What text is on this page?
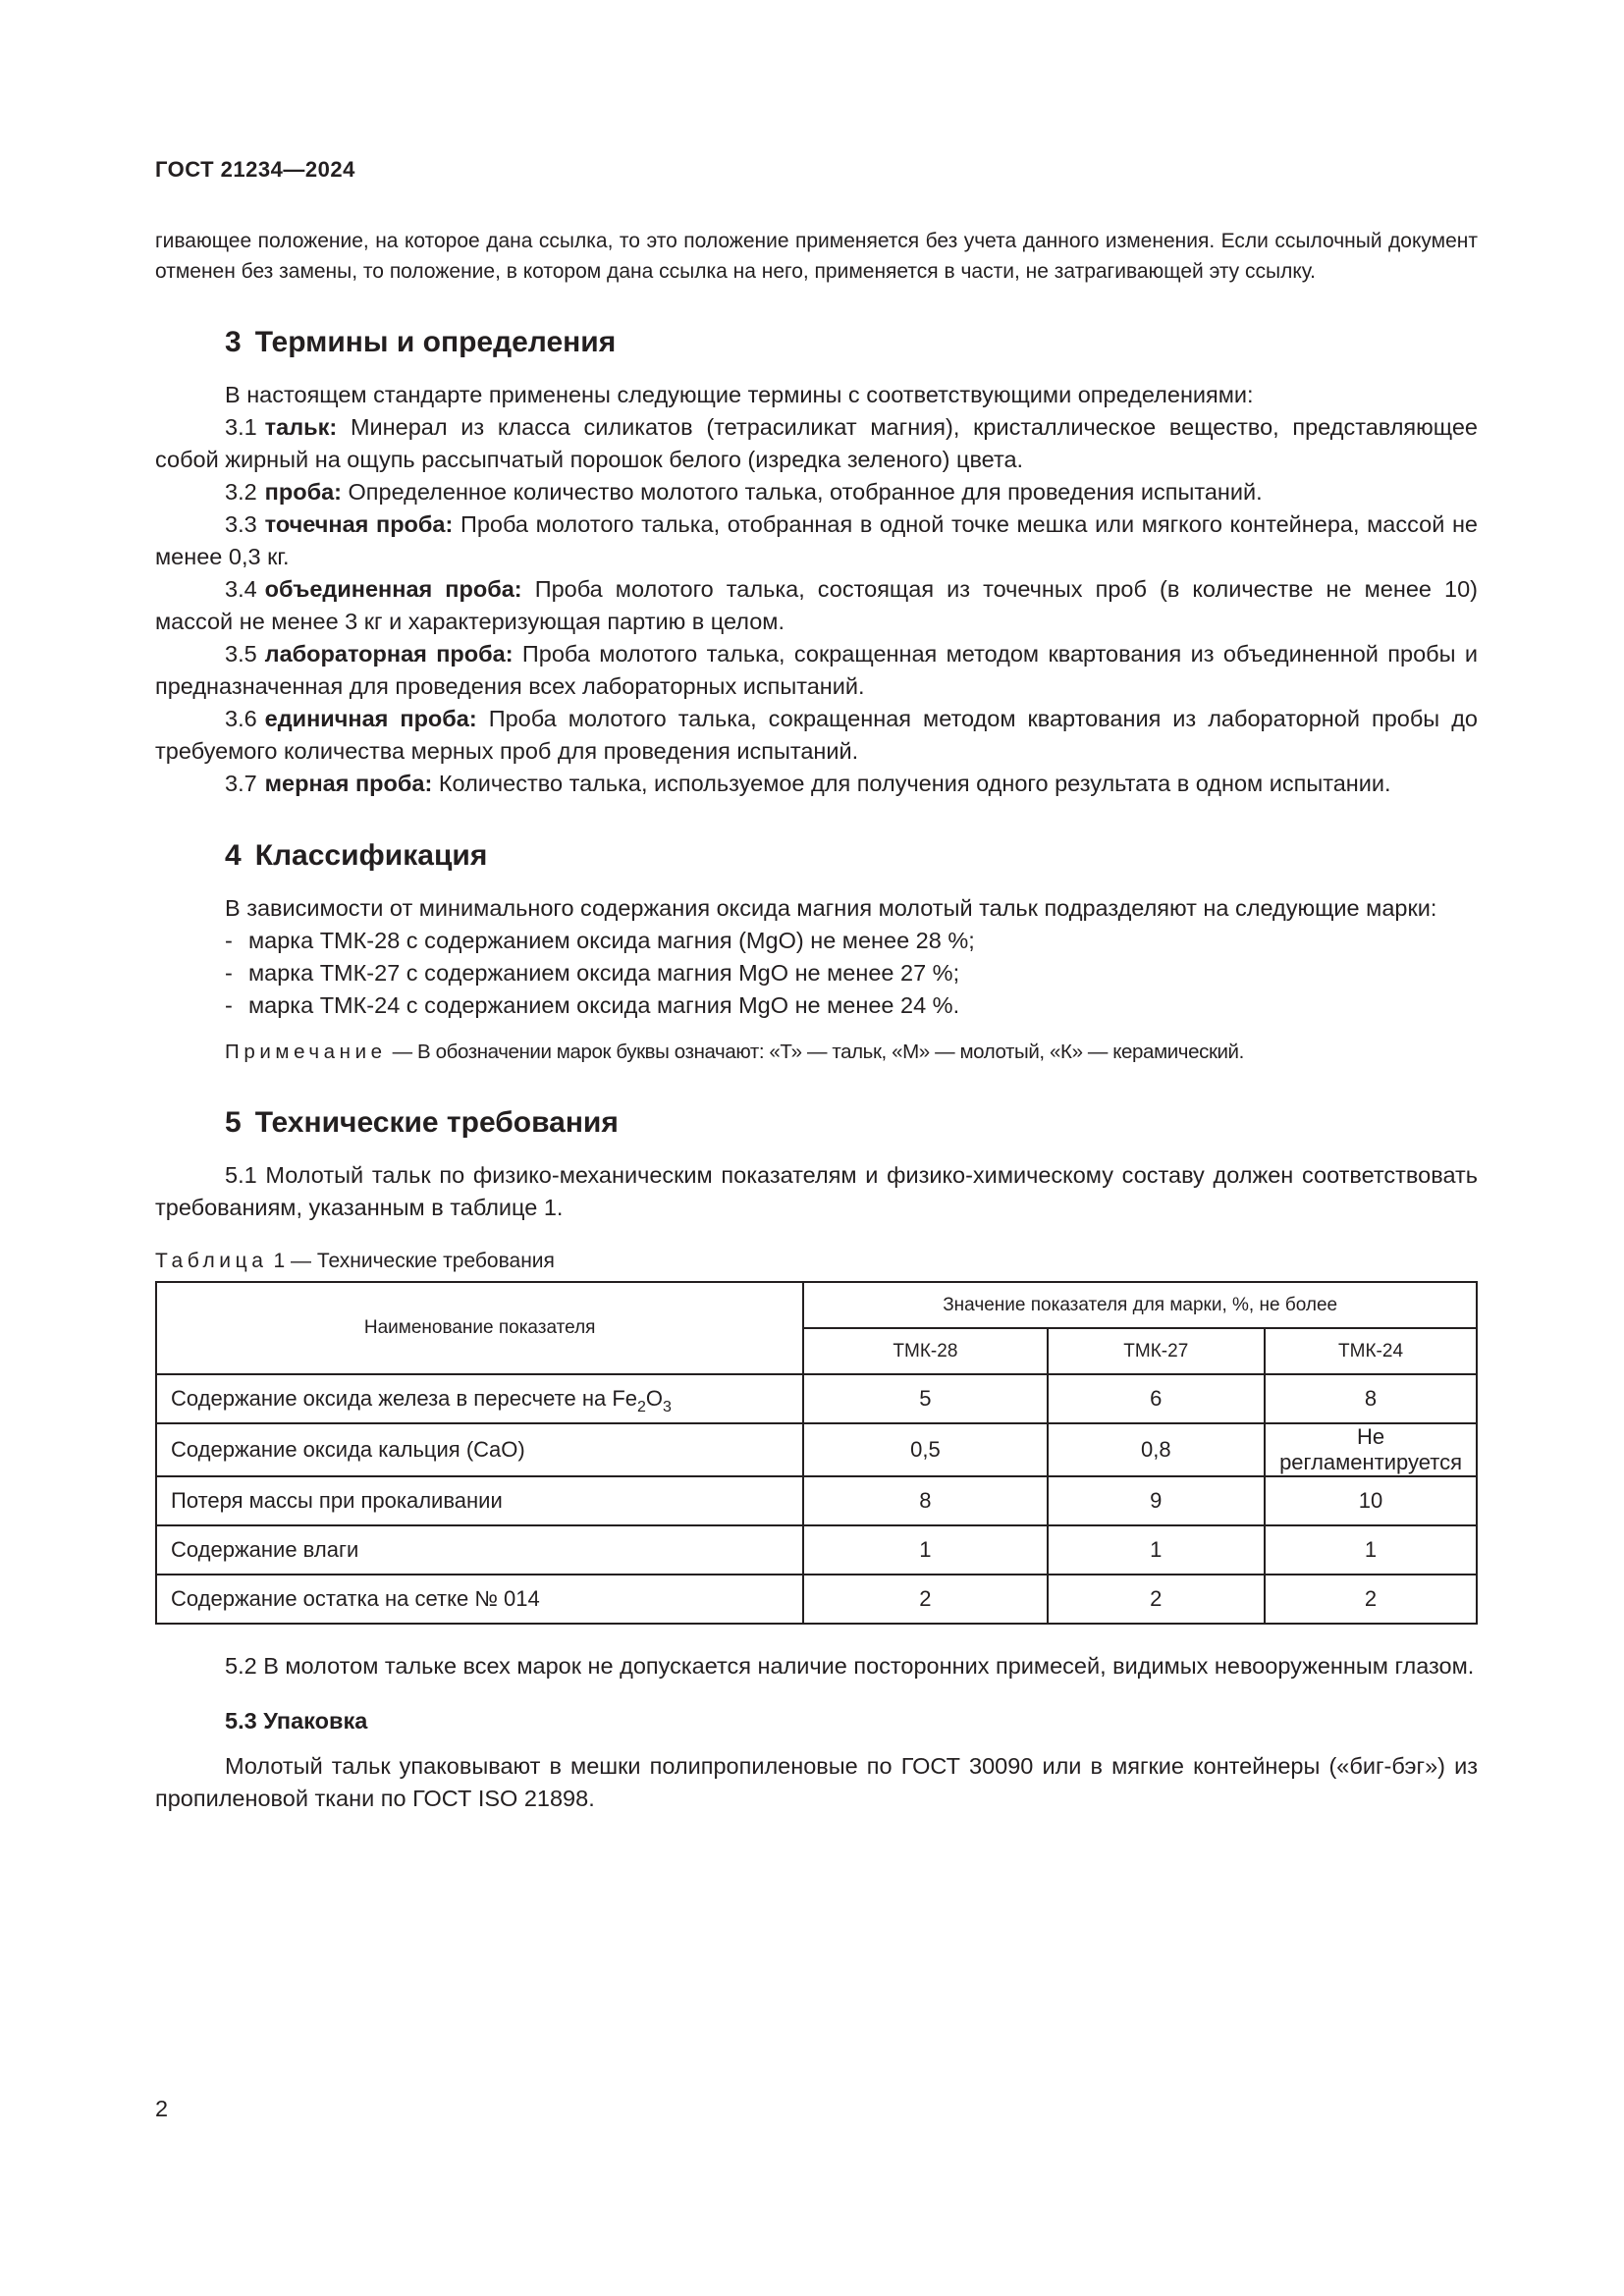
ГОСТ 21234—2024

гивающее положение, на которое дана ссылка, то это положение применяется без учета данного изменения. Если ссылочный документ отменен без замены, то положение, в котором дана ссылка на него, применяется в части, не затрагивающей эту ссылку.

3 Термины и определения

В настоящем стандарте применены следующие термины с соответствующими определениями:

3.1 тальк: Минерал из класса силикатов (тетрасиликат магния), кристаллическое вещество, представляющее собой жирный на ощупь рассыпчатый порошок белого (изредка зеленого) цвета.

3.2 проба: Определенное количество молотого талька, отобранное для проведения испытаний.

3.3 точечная проба: Проба молотого талька, отобранная в одной точке мешка или мягкого контейнера, массой не менее 0,3 кг.

3.4 объединенная проба: Проба молотого талька, состоящая из точечных проб (в количестве не менее 10) массой не менее 3 кг и характеризующая партию в целом.

3.5 лабораторная проба: Проба молотого талька, сокращенная методом квартования из объединенной пробы и предназначенная для проведения всех лабораторных испытаний.

3.6 единичная проба: Проба молотого талька, сокращенная методом квартования из лабораторной пробы до требуемого количества мерных проб для проведения испытаний.

3.7 мерная проба: Количество талька, используемое для получения одного результата в одном испытании.

4 Классификация

В зависимости от минимального содержания оксида магния молотый тальк подразделяют на следующие марки:

- марка ТМК-28 с содержанием оксида магния (MgO) не менее 28 %;
- марка ТМК-27 с содержанием оксида магния MgO не менее 27 %;
- марка ТМК-24 с содержанием оксида магния MgO не менее 24 %.
Примечание — В обозначении марок буквы означают: «Т» — тальк, «М» — молотый, «К» — керамический.
5 Технические требования

5.1 Молотый тальк по физико-механическим показателям и физико-химическому составу должен соответствовать требованиям, указанным в таблице 1.

Таблица 1 — Технические требования
Наименование показателя	Значение показателя для марки, %, не более		
	ТМК-28	ТМК-27	ТМК-24
Содержание оксида железа в пересчете на $Fe_2O_3$	5	6	8
Содержание оксида кальция (CaO)	0,5	0,8	Не регламентируется
Потеря массы при прокаливании	8	9	10
Содержание влаги	1	1	1
Содержание остатка на сетке № 014	2	2	2

5.2 В молотом тальке всех марок не допускается наличие посторонних примесей, видимых невооруженным глазом.

5.3 Упаковка

Молотый тальк упаковывают в мешки полипропиленовые по ГОСТ 30090 или в мягкие контейнеры («биг-бэг») из пропиленовой ткани по ГОСТ ISO 21898.

2
